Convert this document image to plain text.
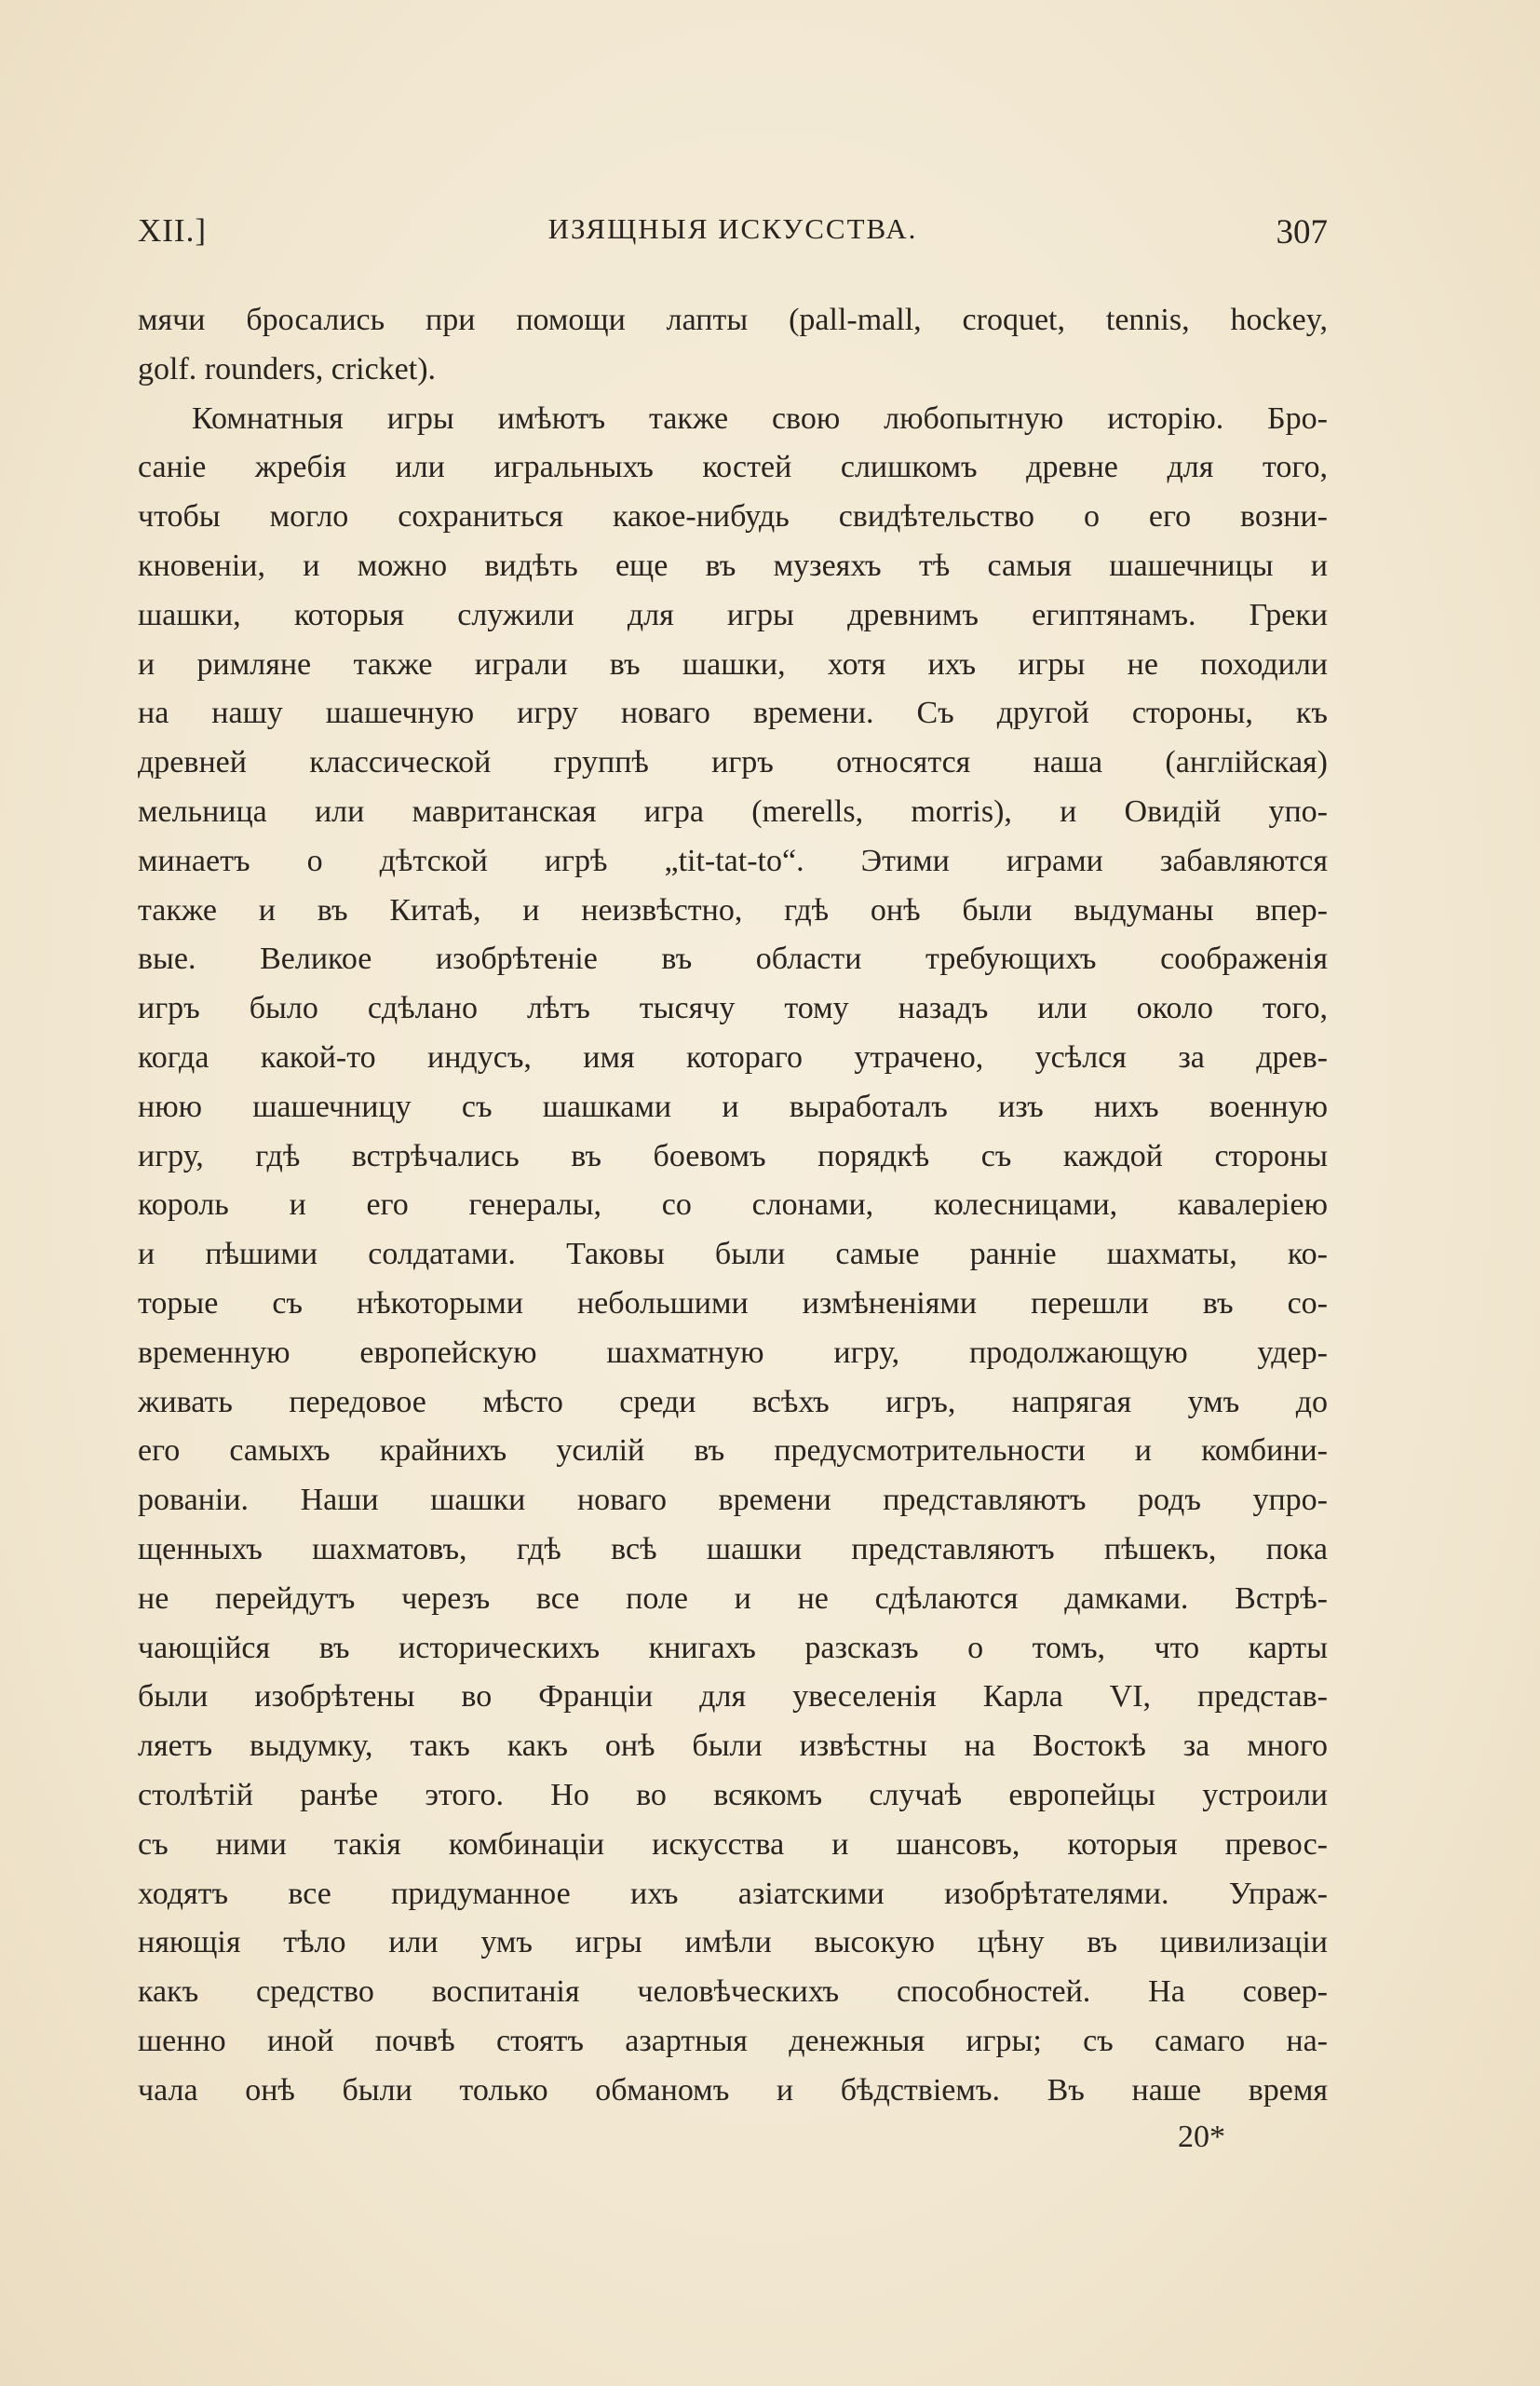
XII.]	ИЗЯЩНЫЯ ИСКУССТВА.	307
мячи бросались при помощи лапты (pall-mall, croquet, tennis, hockey,
golf. rounders, cricket).
Комнатныя игры имѣютъ также свою любопытную исторію. Бро-
саніе жребія или игральныхъ костей слишкомъ древне для того,
чтобы могло сохраниться какое-нибудь свидѣтельство о его возни-
кновеніи, и можно видѣть еще въ музеяхъ тѣ самыя шашечницы и
шашки, которыя служили для игры древнимъ египтянамъ. Греки
и римляне также играли въ шашки, хотя ихъ игры не походили
на нашу шашечную игру новаго времени. Съ другой стороны, къ
древней классической группѣ игръ относятся наша (англійская)
мельница или мавританская игра (merells, morris), и Овидій упо-
минаетъ о дѣтской игрѣ „tit-tat-to“. Этими играми забавляются
также и въ Китаѣ, и неизвѣстно, гдѣ онѣ были выдуманы впер-
вые. Великое изобрѣтеніе въ области требующихъ соображенія
игръ было сдѣлано лѣтъ тысячу тому назадъ или около того,
когда какой-то индусъ, имя котораго утрачено, усѣлся за древ-
нюю шашечницу съ шашками и выработалъ изъ нихъ военную
игру, гдѣ встрѣчались въ боевомъ порядкѣ съ каждой стороны
король и его генералы, со слонами, колесницами, кавалеріею
и пѣшими солдатами. Таковы были самые ранніе шахматы, ко-
торые съ нѣкоторыми небольшими измѣненіями перешли въ со-
временную европейскую шахматную игру, продолжающую удер-
живать передовое мѣсто среди всѣхъ игръ, напрягая умъ до
его самыхъ крайнихъ усилій въ предусмотрительности и комбини-
рованіи. Наши шашки новаго времени представляютъ родъ упро-
щенныхъ шахматовъ, гдѣ всѣ шашки представляютъ пѣшекъ, пока
не перейдутъ черезъ все поле и не сдѣлаются дамками. Встрѣ-
чающійся въ историческихъ книгахъ разсказъ о томъ, что карты
были изобрѣтены во Франціи для увеселенія Карла VI, представ-
ляетъ выдумку, такъ какъ онѣ были извѣстны на Востокѣ за много
столѣтій ранѣе этого. Но во всякомъ случаѣ европейцы устроили
съ ними такія комбинаціи искусства и шансовъ, которыя превос-
ходятъ все придуманное ихъ азіатскими изобрѣтателями. Упраж-
няющія тѣло или умъ игры имѣли высокую цѣну въ цивилизаціи
какъ средство воспитанія человѣческихъ способностей. На совер-
шенно иной почвѣ стоятъ азартныя денежныя игры; съ самаго на-
чала онѣ были только обманомъ и бѣдствіемъ. Въ наше время
20*
